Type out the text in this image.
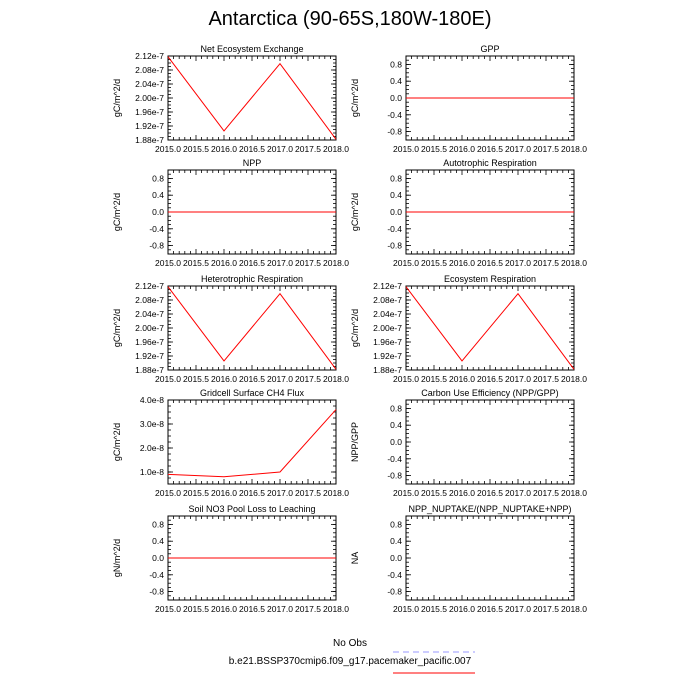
Antarctica (90-65S,180W-180E)
Net Ecosystem Exchange
gC/m^2/d
2015.0 2015.5 2016.0 2016.5 2017.0 2017.5 2018.0
1.88e-7
1.92e-7
1.96e-7
2.00e-7
2.04e-7
2.08e-7
2.12e-7
GPP
gC/m^2/d
2015.0 2015.5 2016.0 2016.5 2017.0 2017.5 2018.0
-0.8
-0.4
0.0
0.4
0.8
NPP
gC/m^2/d
2015.0 2015.5 2016.0 2016.5 2017.0 2017.5 2018.0
-0.8
-0.4
0.0
0.4
0.8
Autotrophic Respiration
gC/m^2/d
2015.0 2015.5 2016.0 2016.5 2017.0 2017.5 2018.0
-0.8
-0.4
0.0
0.4
0.8
Heterotrophic Respiration
gC/m^2/d
2015.0 2015.5 2016.0 2016.5 2017.0 2017.5 2018.0
1.88e-7
1.92e-7
1.96e-7
2.00e-7
2.04e-7
2.08e-7
2.12e-7
Ecosystem Respiration
gC/m^2/d
2015.0 2015.5 2016.0 2016.5 2017.0 2017.5 2018.0
1.88e-7
1.92e-7
1.96e-7
2.00e-7
2.04e-7
2.08e-7
2.12e-7
Gridcell Surface CH4 Flux
gC/m^2/d
2015.0 2015.5 2016.0 2016.5 2017.0 2017.5 2018.0
1.0e-8
2.0e-8
3.0e-8
4.0e-8
Carbon Use Efficiency (NPP/GPP)
NPP/GPP
2015.0 2015.5 2016.0 2016.5 2017.0 2017.5 2018.0
-0.8
-0.4
0.0
0.4
0.8
Soil NO3 Pool Loss to Leaching
gN/m^2/d
2015.0 2015.5 2016.0 2016.5 2017.0 2017.5 2018.0
-0.8
-0.4
0.0
0.4
0.8
NPP_NUPTAKE/(NPP_NUPTAKE+NPP)
NA
2015.0 2015.5 2016.0 2016.5 2017.0 2017.5 2018.0
-0.8
-0.4
0.0
0.4
0.8
No Obs
b.e21.BSSP370cmip6.f09_g17.pacemaker_pacific.007
